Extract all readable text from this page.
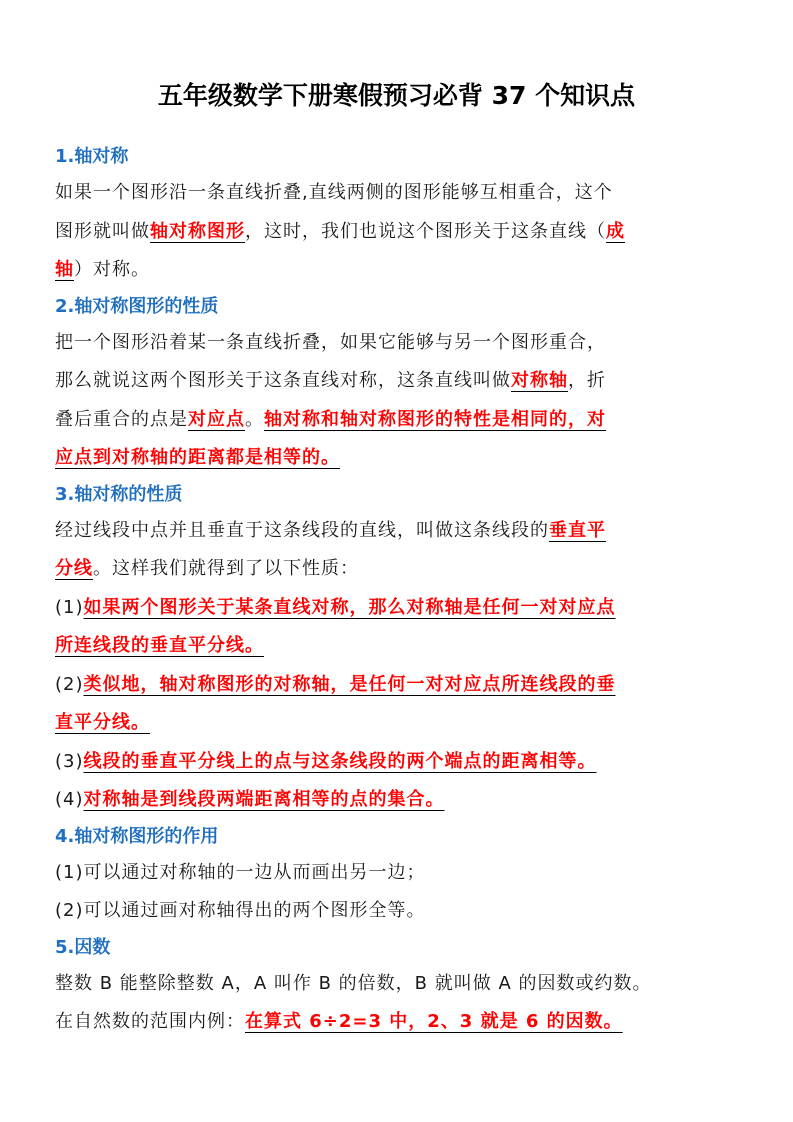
五年级数学下册寒假预习必背 37 个知识点
1.轴对称

如果一个图形沿一条直线折叠,直线两侧的图形能够互相重合，这个
图形就叫做轴对称图形，这时，我们也说这个图形关于这条直线（成
轴）对称。

2.轴对称图形的性质

把一个图形沿着某一条直线折叠，如果它能够与另一个图形重合，
那么就说这两个图形关于这条直线对称，这条直线叫做对称轴，折
叠后重合的点是对应点。轴对称和轴对称图形的特性是相同的，对
应点到对称轴的距离都是相等的。

3.轴对称的性质

经过线段中点并且垂直于这条线段的直线，叫做这条线段的垂直平
分线。这样我们就得到了以下性质：
(1)如果两个图形关于某条直线对称，那么对称轴是任何一对对应点
所连线段的垂直平分线。
(2)类似地，轴对称图形的对称轴，是任何一对对应点所连线段的垂
直平分线。
(3)线段的垂直平分线上的点与这条线段的两个端点的距离相等。
(4)对称轴是到线段两端距离相等的点的集合。

4.轴对称图形的作用

(1)可以通过对称轴的一边从而画出另一边；
(2)可以通过画对称轴得出的两个图形全等。

5.因数

整数 B 能整除整数 A，A 叫作 B 的倍数，B 就叫做 A 的因数或约数。
在自然数的范围内例：在算式 6÷2=3 中，2、3 就是 6 的因数。
